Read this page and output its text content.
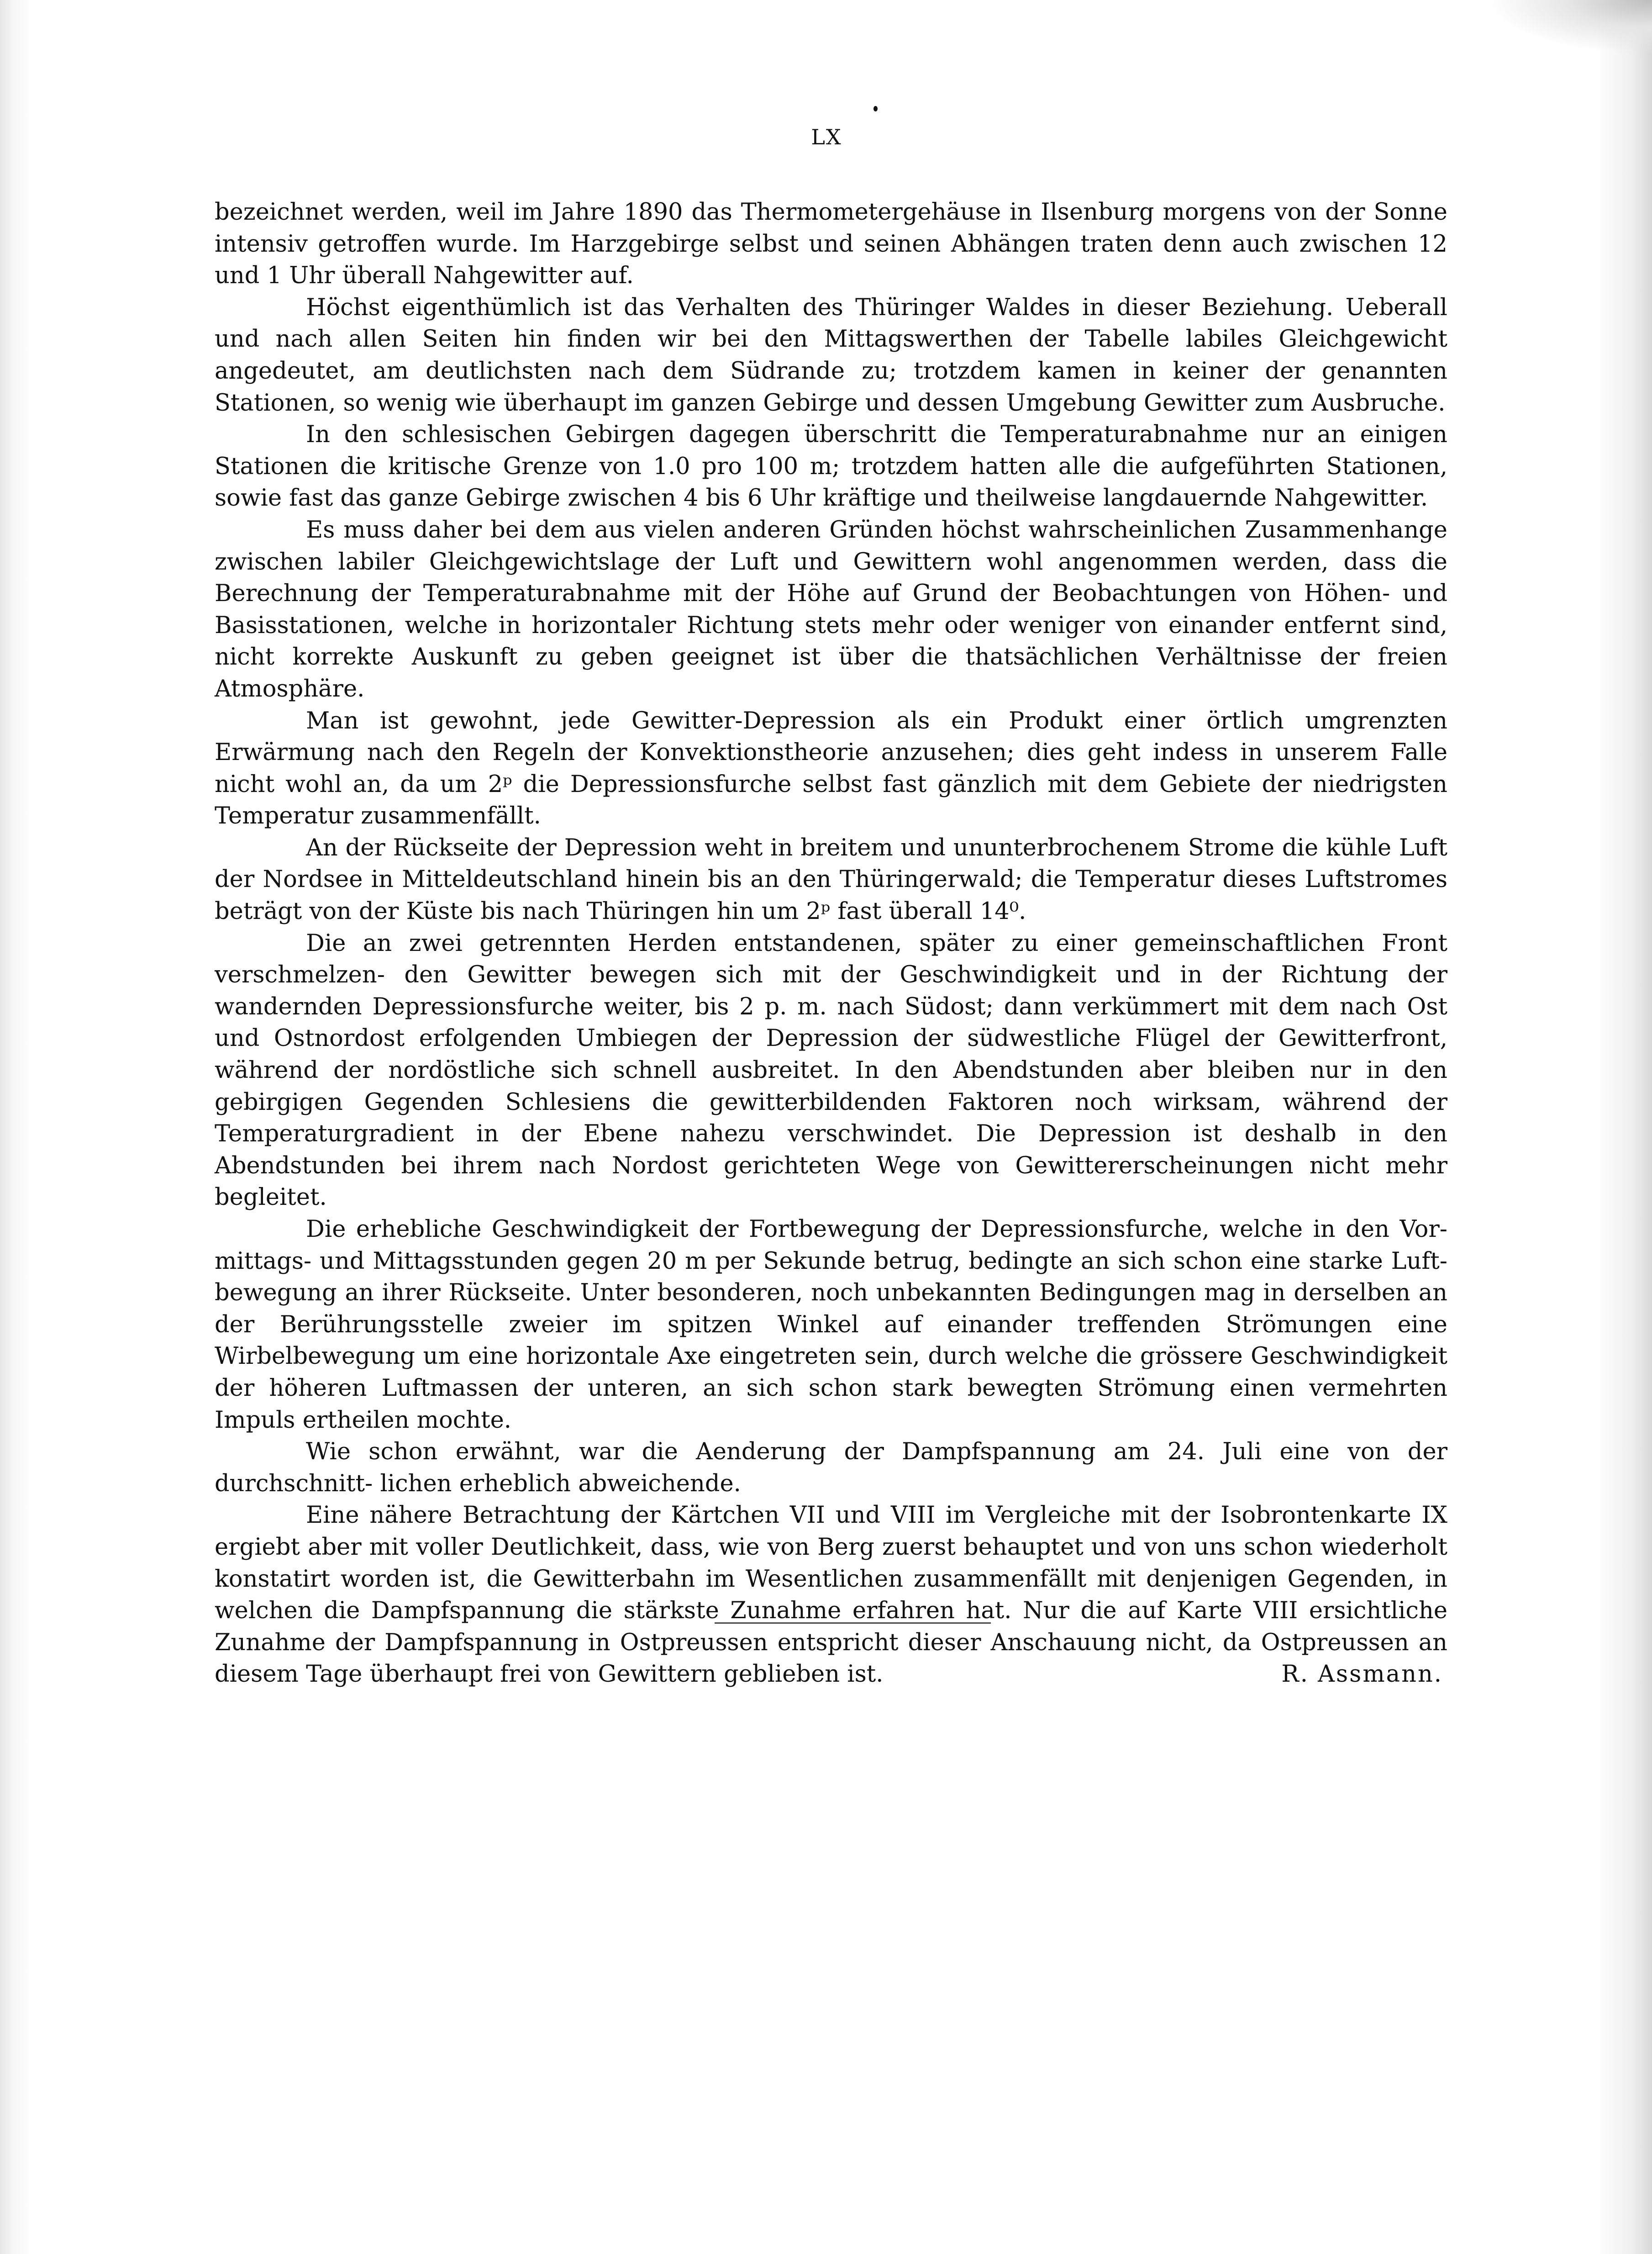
LX

bezeichnet werden, weil im Jahre 1890 das Thermometergehäuse in Ilsenburg morgens von der Sonne intensiv getroffen wurde. Im Harzgebirge selbst und seinen Abhängen traten denn auch zwischen 12 und 1 Uhr überall Nahgewitter auf.

Höchst eigenthümlich ist das Verhalten des Thüringer Waldes in dieser Beziehung. Ueberall und nach allen Seiten hin finden wir bei den Mittagswerthen der Tabelle labiles Gleichgewicht angedeutet, am deutlichsten nach dem Südrande zu; trotzdem kamen in keiner der genannten Stationen, so wenig wie überhaupt im ganzen Gebirge und dessen Umgebung Gewitter zum Ausbruche.

In den schlesischen Gebirgen dagegen überschritt die Temperaturabnahme nur an einigen Stationen die kritische Grenze von 1.0 pro 100 m; trotzdem hatten alle die aufgeführten Stationen, sowie fast das ganze Gebirge zwischen 4 bis 6 Uhr kräftige und theilweise langdauernde Nahgewitter.

Es muss daher bei dem aus vielen anderen Gründen höchst wahrscheinlichen Zusammenhange zwischen labiler Gleichgewichtslage der Luft und Gewittern wohl angenommen werden, dass die Berechnung der Temperaturabnahme mit der Höhe auf Grund der Beobachtungen von Höhen- und Basisstationen, welche in horizontaler Richtung stets mehr oder weniger von einander entfernt sind, nicht korrekte Auskunft zu geben geeignet ist über die thatsächlichen Verhältnisse der freien Atmosphäre.

Man ist gewohnt, jede Gewitter-Depression als ein Produkt einer örtlich umgrenzten Erwärmung nach den Regeln der Konvektionstheorie anzusehen; dies geht indess in unserem Falle nicht wohl an, da um 2ᵖ die Depressionsfurche selbst fast gänzlich mit dem Gebiete der niedrigsten Temperatur zusammenfällt.

An der Rückseite der Depression weht in breitem und ununterbrochenem Strome die kühle Luft der Nordsee in Mitteldeutschland hinein bis an den Thüringerwald; die Temperatur dieses Luftstromes beträgt von der Küste bis nach Thüringen hin um 2ᵖ fast überall 14⁰.

Die an zwei getrennten Herden entstandenen, später zu einer gemeinschaftlichen Front verschmelzen- den Gewitter bewegen sich mit der Geschwindigkeit und in der Richtung der wandernden Depressionsfurche weiter, bis 2 p. m. nach Südost; dann verkümmert mit dem nach Ost und Ostnordost erfolgenden Umbiegen der Depression der südwestliche Flügel der Gewitterfront, während der nordöstliche sich schnell ausbreitet. In den Abendstunden aber bleiben nur in den gebirgigen Gegenden Schlesiens die gewitterbildenden Faktoren noch wirksam, während der Temperaturgradient in der Ebene nahezu verschwindet. Die Depression ist deshalb in den Abendstunden bei ihrem nach Nordost gerichteten Wege von Gewittererscheinungen nicht mehr begleitet.

Die erhebliche Geschwindigkeit der Fortbewegung der Depressionsfurche, welche in den Vor- mittags- und Mittagsstunden gegen 20 m per Sekunde betrug, bedingte an sich schon eine starke Luft- bewegung an ihrer Rückseite. Unter besonderen, noch unbekannten Bedingungen mag in derselben an der Berührungsstelle zweier im spitzen Winkel auf einander treffenden Strömungen eine Wirbelbewegung um eine horizontale Axe eingetreten sein, durch welche die grössere Geschwindigkeit der höheren Luftmassen der unteren, an sich schon stark bewegten Strömung einen vermehrten Impuls ertheilen mochte.

Wie schon erwähnt, war die Aenderung der Dampfspannung am 24. Juli eine von der durchschnitt- lichen erheblich abweichende.

Eine nähere Betrachtung der Kärtchen VII und VIII im Vergleiche mit der Isobrontenkarte IX ergiebt aber mit voller Deutlichkeit, dass, wie von Berg zuerst behauptet und von uns schon wiederholt konstatirt worden ist, die Gewitterbahn im Wesentlichen zusammenfällt mit denjenigen Gegenden, in welchen die Dampfspannung die stärkste Zunahme erfahren hat. Nur die auf Karte VIII ersichtliche Zunahme der Dampfspannung in Ostpreussen entspricht dieser Anschauung nicht, da Ostpreussen an diesem Tage überhaupt frei von Gewittern geblieben ist.	R. Assmann.
